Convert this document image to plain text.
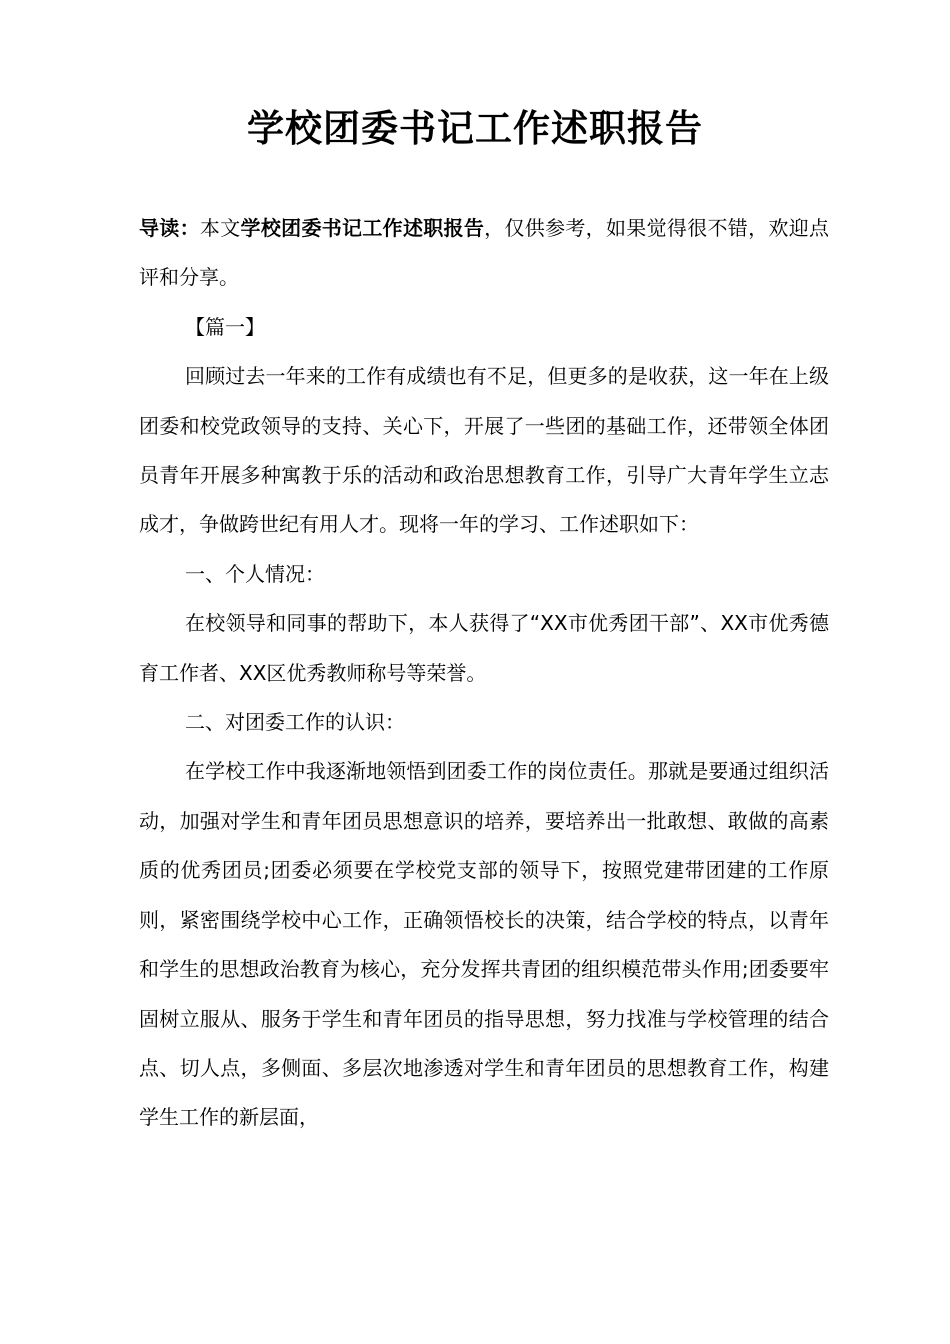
学校团委书记工作述职报告

导读：本文学校团委书记工作述职报告，仅供参考，如果觉得很不错，欢迎点评和分享。

【篇一】

回顾过去一年来的工作有成绩也有不足，但更多的是收获，这一年在上级团委和校党政领导的支持、关心下，开展了一些团的基础工作，还带领全体团员青年开展多种寓教于乐的活动和政治思想教育工作，引导广大青年学生立志成才，争做跨世纪有用人才。现将一年的学习、工作述职如下：

一、个人情况：

在校领导和同事的帮助下，本人获得了“XX市优秀团干部”、XX市优秀德育工作者、XX区优秀教师称号等荣誉。

二、对团委工作的认识：

在学校工作中我逐渐地领悟到团委工作的岗位责任。那就是要通过组织活动，加强对学生和青年团员思想意识的培养，要培养出一批敢想、敢做的高素质的优秀团员;团委必须要在学校党支部的领导下，按照党建带团建的工作原则，紧密围绕学校中心工作，正确领悟校长的决策，结合学校的特点，以青年和学生的思想政治教育为核心，充分发挥共青团的组织模范带头作用;团委要牢固树立服从、服务于学生和青年团员的指导思想，努力找准与学校管理的结合点、切人点，多侧面、多层次地渗透对学生和青年团员的思想教育工作，构建学生工作的新层面，
